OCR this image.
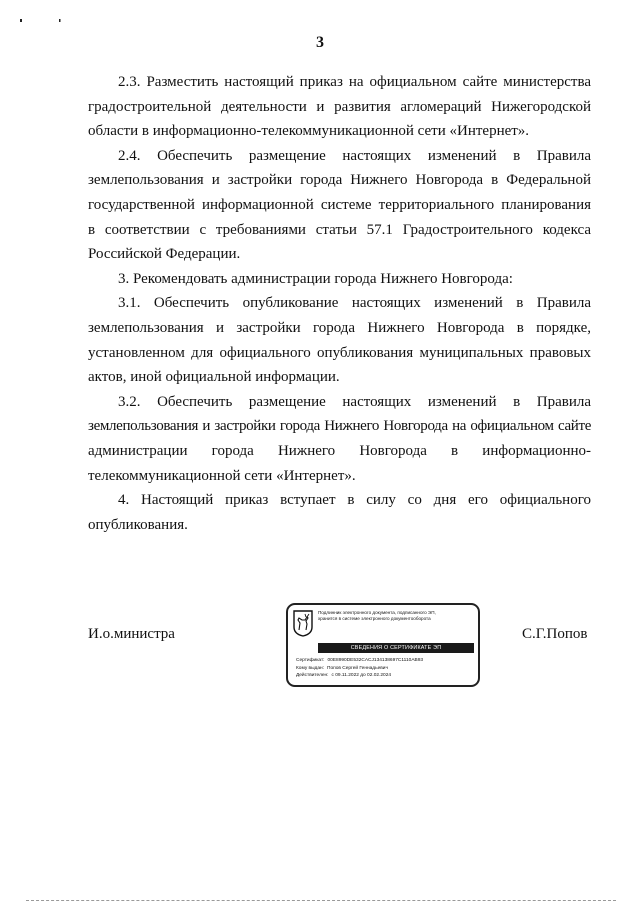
3
2.3. Разместить настоящий приказ на официальном сайте министерства
градостроительной деятельности и развития агломераций Нижегородской
области в информационно-телекоммуникационной сети «Интернет».
2.4. Обеспечить размещение настоящих изменений в Правила
землепользования и застройки города Нижнего Новгорода в Федеральной
государственной информационной системе территориального планирования
в соответствии с требованиями статьи 57.1 Градостроительного кодекса
Российской Федерации.
3. Рекомендовать администрации города Нижнего Новгорода:
3.1. Обеспечить опубликование настоящих изменений в Правила
землепользования и застройки города Нижнего Новгорода в порядке,
установленном для официального опубликования муниципальных правовых
актов, иной официальной информации.
3.2. Обеспечить размещение настоящих изменений в Правила
землепользования и застройки города Нижнего Новгорода на официальном сайте
администрации города Нижнего Новгорода в информационно-
телекоммуникационной сети «Интернет».
4. Настоящий приказ вступает в силу со дня его официального
опубликования.
И.о.министра	С.Г.Попов
Подлинник электронного документа, подписанного ЭП,
хранится в системе электронного документооборота
СВЕДЕНИЯ О СЕРТИФИКАТЕ ЭП
Сертификат: 00E8990DE532CACJ134138697C1110AB93
Кому выдан: Попов Сергей Геннадьевич
Действителен: с 09.11.2022 до 02.02.2024
